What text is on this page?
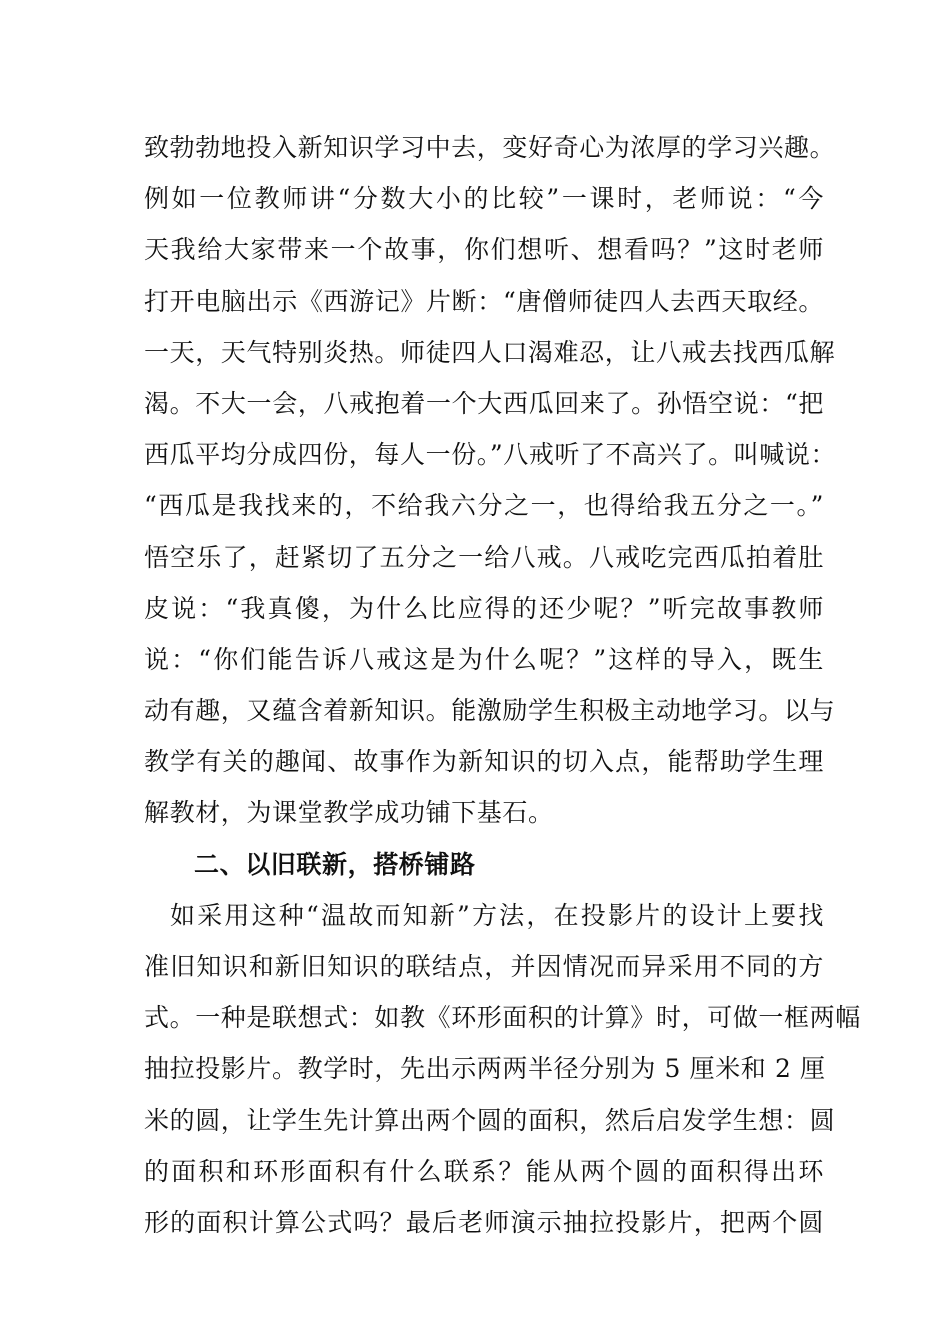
致勃勃地投入新知识学习中去，变好奇心为浓厚的学习兴趣。
例如一位教师讲“分数大小的比较”一课时，老师说：“今
天我给大家带来一个故事，你们想听、想看吗？”这时老师
打开电脑出示《西游记》片断：“唐僧师徒四人去西天取经。
一天，天气特别炎热。师徒四人口渴难忍，让八戒去找西瓜解
渴。不大一会，八戒抱着一个大西瓜回来了。孙悟空说：“把
西瓜平均分成四份，每人一份。”八戒听了不高兴了。叫喊说：
“西瓜是我找来的，不给我六分之一，也得给我五分之一。”
悟空乐了，赶紧切了五分之一给八戒。八戒吃完西瓜拍着肚
皮说：“我真傻，为什么比应得的还少呢？”听完故事教师
说：“你们能告诉八戒这是为什么呢？”这样的导入，既生
动有趣，又蕴含着新知识。能激励学生积极主动地学习。以与
教学有关的趣闻、故事作为新知识的切入点，能帮助学生理
解教材，为课堂教学成功铺下基石。
二、以旧联新，搭桥铺路
如采用这种“温故而知新”方法，在投影片的设计上要找
准旧知识和新旧知识的联结点，并因情况而异采用不同的方
式。一种是联想式：如教《环形面积的计算》时，可做一框两幅
抽拉投影片。教学时，先出示两两半径分别为 5 厘米和 2 厘
米的圆，让学生先计算出两个圆的面积，然后启发学生想：圆
的面积和环形面积有什么联系？能从两个圆的面积得出环
形的面积计算公式吗？最后老师演示抽拉投影片，把两个圆
